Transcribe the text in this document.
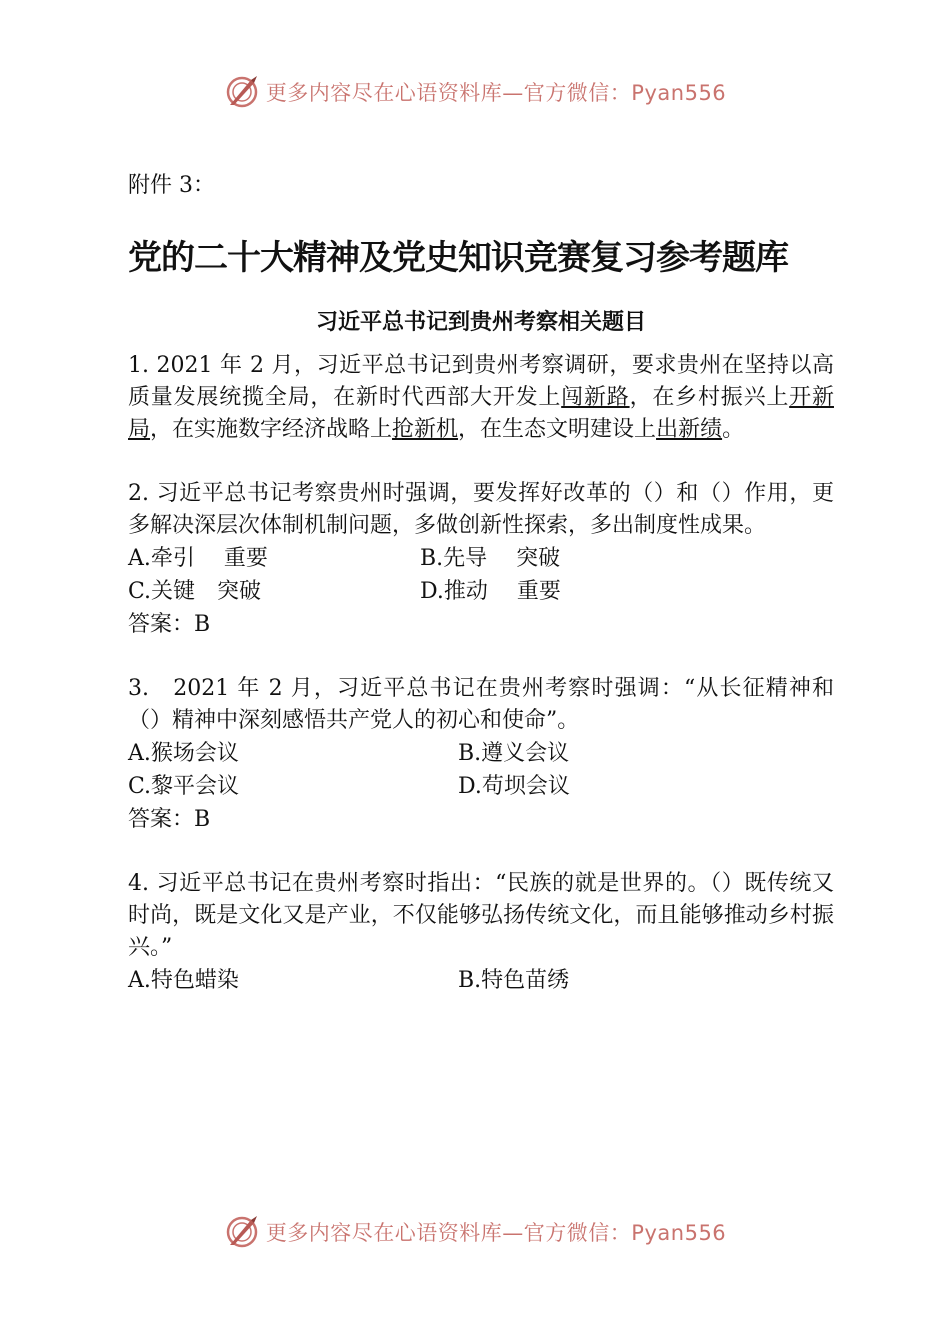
更多内容尽在心语资料库—官方微信：Pyan556

附件 3：

党的二十大精神及党史知识竞赛复习参考题库
习近平总书记到贵州考察相关题目

1. 2021 年 2 月，习近平总书记到贵州考察调研，要求贵州在坚持以高质量发展统揽全局，在新时代西部大开发上闯新路，在乡村振兴上开新局，在实施数字经济战略上抢新机，在生态文明建设上出新绩。

2. 习近平总书记考察贵州时强调，要发挥好改革的（）和（）作用，更多解决深层次体制机制问题，多做创新性探索，多出制度性成果。

A.牵引　 重要	B.先导　 突破
C.关键　突破	D.推动　 重要
答案：B

3.　2021 年 2 月，习近平总书记在贵州考察时强调：“从长征精神和（）精神中深刻感悟共产党人的初心和使命”。

A.猴场会议	B.遵义会议
C.黎平会议	D.苟坝会议
答案：B

4. 习近平总书记在贵州考察时指出：“民族的就是世界的。（）既传统又时尚，既是文化又是产业，不仅能够弘扬传统文化，而且能够推动乡村振兴。”

A.特色蜡染	B.特色苗绣
更多内容尽在心语资料库—官方微信：Pyan556
